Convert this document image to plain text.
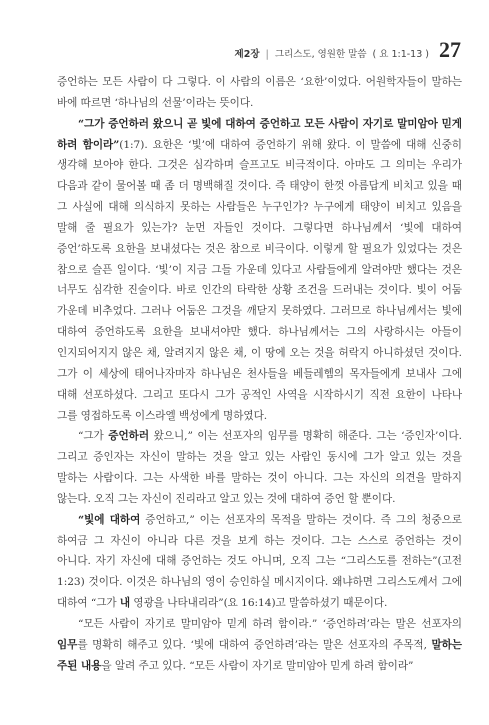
제2장 | 그리스도, 영원한 말씀 ( 요 1:1-13 ) 27

증언하는 모든 사람이 다 그렇다. 이 사람의 이름은 ‘요한’이었다. 어원학자들이 말하는 바에 따르면 ‘하나님의 선물’이라는 뜻이다.

“그가 증언하러 왔으니 곧 빛에 대하여 증언하고 모든 사람이 자기로 말미암아 믿게 하려 함이라”(1:7). 요한은 ‘빛’에 대하여 증언하기 위해 왔다. 이 말씀에 대해 신중히 생각해 보아야 한다. 그것은 심각하며 슬프고도 비극적이다. 아마도 그 의미는 우리가 다음과 같이 물어볼 때 좀 더 명백해질 것이다. 즉 태양이 한껏 아름답게 비치고 있을 때 그 사실에 대해 의식하지 못하는 사람들은 누구인가? 누구에게 태양이 비치고 있음을 말해 줄 필요가 있는가? 눈먼 자들인 것이다. 그렇다면 하나님께서 ‘빛에 대하여 증언’하도록 요한을 보내셨다는 것은 참으로 비극이다. 이렇게 할 필요가 있었다는 것은 참으로 슬픈 일이다. ‘빛’이 지금 그들 가운데 있다고 사람들에게 알려야만 했다는 것은 너무도 심각한 진술이다. 바로 인간의 타락한 상황 조건을 드러내는 것이다. 빛이 어둠 가운데 비추었다. 그러나 어둠은 그것을 깨닫지 못하였다. 그러므로 하나님께서는 빛에 대하여 증언하도록 요한을 보내셔야만 했다. 하나님께서는 그의 사랑하시는 아들이 인지되어지지 않은 채, 알려지지 않은 채, 이 땅에 오는 것을 허락지 아니하셨던 것이다. 그가 이 세상에 태어나자마자 하나님은 천사들을 베들레헴의 목자들에게 보내사 그에 대해 선포하셨다. 그리고 또다시 그가 공적인 사역을 시작하시기 직전 요한이 나타나 그를 영접하도록 이스라엘 백성에게 명하였다.

“그가 증언하러 왔으니,” 이는 선포자의 임무를 명확히 해준다. 그는 ‘증인자’이다. 그리고 증인자는 자신이 말하는 것을 알고 있는 사람인 동시에 그가 알고 있는 것을 말하는 사람이다. 그는 사색한 바를 말하는 것이 아니다. 그는 자신의 의견을 말하지 않는다. 오직 그는 자신이 진리라고 알고 있는 것에 대하여 증언 할 뿐이다.

“빛에 대하여 증언하고,” 이는 선포자의 목적을 말하는 것이다. 즉 그의 청중으로 하여금 그 자신이 아니라 다른 것을 보게 하는 것이다. 그는 스스로 증언하는 것이 아니다. 자기 자신에 대해 증언하는 것도 아니며, 오직 그는 “그리스도를 전하는”(고전 1:23) 것이다. 이것은 하나님의 영이 승인하실 메시지이다. 왜냐하면 그리스도께서 그에 대하여 “그가 내 영광을 나타내리라”(요 16:14)고 말씀하셨기 때문이다.

“모든 사람이 자기로 말미암아 믿게 하려 함이라.” ‘증언하려’라는 말은 선포자의 임무를 명확히 해주고 있다. ‘빛에 대하여 증언하려’라는 말은 선포자의 주목적, 말하는 주된 내용을 알려 주고 있다. “모든 사람이 자기로 말미암아 믿게 하려 함이라”
